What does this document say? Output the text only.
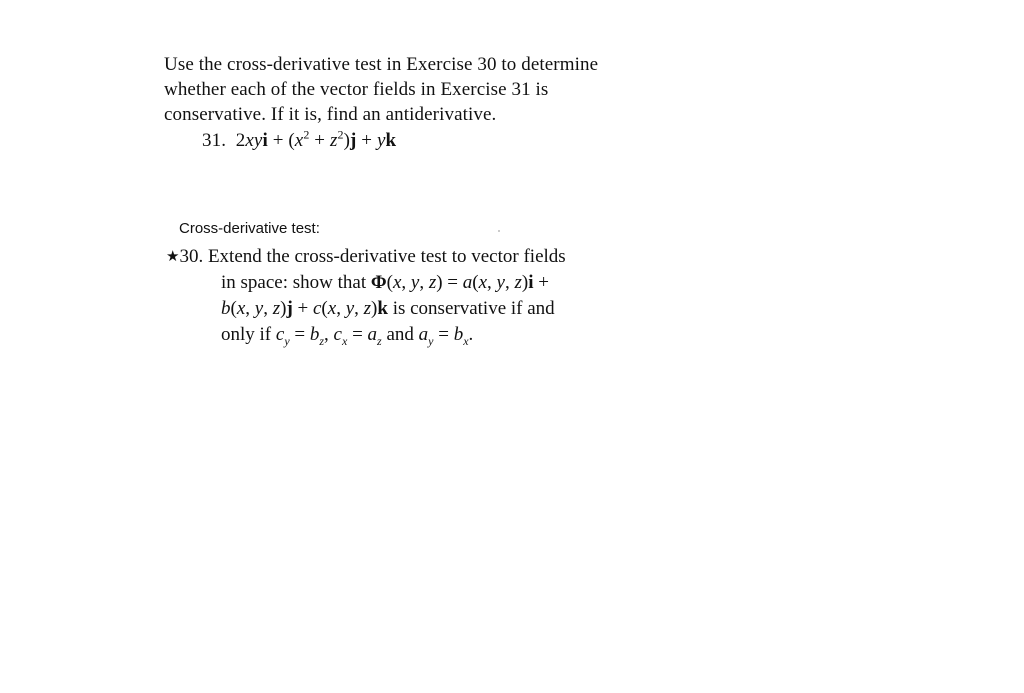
Use the cross-derivative test in Exercise 30 to determine
whether each of the vector fields in Exercise 31 is
conservative. If it is, find an antiderivative.
31.  $2xyi + (x^2 + z^2)j$ + yk
Cross-derivative test:
★30. Extend the cross-derivative test to vector fields
in space: show that Φ(x, y, z) = a(x, y, z)i +
b(x, y, z)j + c(x, y, z)k is conservative if and
only if $c_y = b_z$, $c_x = a_z$ and $a_y = b_x$.
